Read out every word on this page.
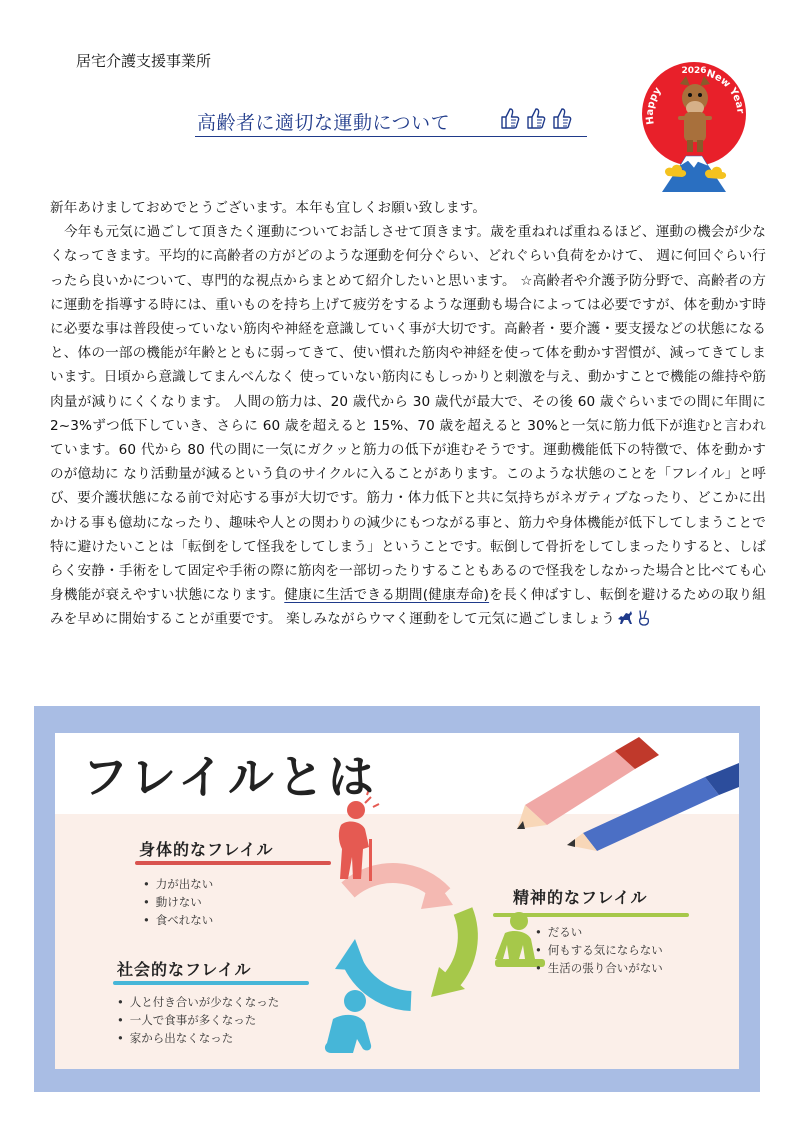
居宅介護支援事業所
高齢者に適切な運動について	Happy
New Year
2026

新年あけましておめでとうございます。本年も宜しくお願い致します。

今年も元気に過ごして頂きたく運動についてお話しさせて頂きます。歳を重ねれば重ねるほど、運動の機会が少なくなってきます。平均的に高齢者の方がどのような運動を何分ぐらい、どれぐらい負荷をかけて、 週に何回ぐらい行ったら良いかについて、専門的な視点からまとめて紹介したいと思います。 ☆高齢者や介護予防分野で、高齢者の方に運動を指導する時には、重いものを持ち上げて疲労をするような運動も場合によっては必要ですが、体を動かす時に必要な事は普段使っていない筋肉や神経を意識していく事が大切です。高齢者・要介護・要支援などの状態になると、体の一部の機能が年齢とともに弱ってきて、使い慣れた筋肉や神経を使って体を動かす習慣が、減ってきてしまいます。日頃から意識してまんべんなく 使っていない筋肉にもしっかりと刺激を与え、動かすことで機能の維持や筋肉量が減りにくくなります。 人間の筋力は、20 歳代から 30 歳代が最大で、その後 60 歳ぐらいまでの間に年間に 2~3%ずつ低下していき、さらに 60 歳を超えると 15%、70 歳を超えると 30%と一気に筋力低下が進むと言われています。60 代から 80 代の間に一気にガクッと筋力の低下が進むそうです。運動機能低下の特徴で、体を動かすのが億劫に なり活動量が減るという負のサイクルに入ることがあります。このような状態のことを「フレイル」と呼び、要介護状態になる前で対応する事が大切です。筋力・体力低下と共に気持ちがネガティブなったり、どこかに出かける事も億劫になったり、趣味や人との関わりの減少にもつながる事と、筋力や身体機能が低下してしまうことで特に避けたいことは「転倒をして怪我をしてしまう」ということです。転倒して骨折をしてしまったりすると、しばらく安静・手術をして固定や手術の際に筋肉を一部切ったりすることもあるので怪我をしなかった場合と比べても心身機能が衰えやすい状態になります。健康に生活できる期間(健康寿命)を長く伸ばすし、転倒を避けるための取り組みを早めに開始することが重要です。 楽しみながらウマく運動をして元気に過ごしましょう

フレイルとは
身体的なフレイル
• 力が出ない
• 動けない
• 食べれない
精神的なフレイル
• だるい
• 何もする気にならない
• 生活の張り合いがない
社会的なフレイル
• 人と付き合いが少なくなった
• 一人で食事が多くなった
• 家から出なくなった
